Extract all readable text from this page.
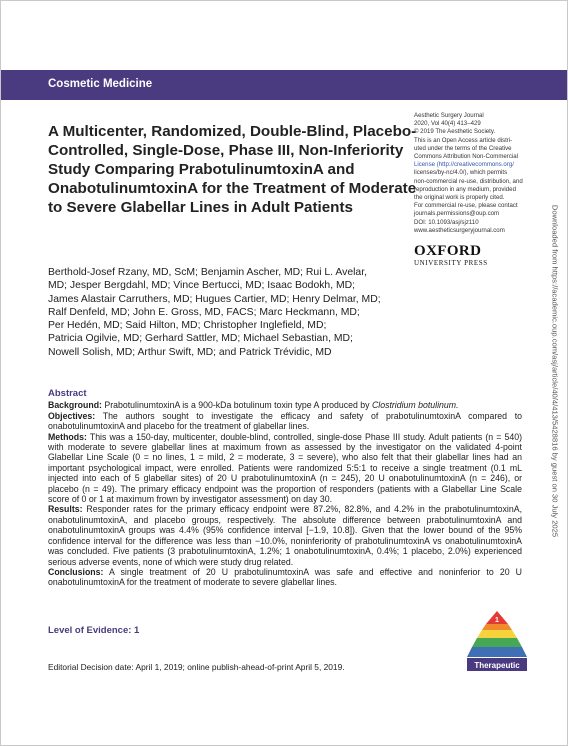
Cosmetic Medicine
A Multicenter, Randomized, Double-Blind, Placebo-Controlled, Single-Dose, Phase III, Non-Inferiority Study Comparing PrabotulinumtoxinA and OnabotulinumtoxinA for the Treatment of Moderate to Severe Glabellar Lines in Adult Patients
Aesthetic Surgery Journal
2020, Vol 40(4) 413–429
© 2019 The Aesthetic Society.
This is an Open Access article distri-
uted under the terms of the Creative
Commons Attribution Non-Commercial
License (http://creativecommons.org/
licenses/by-nc/4.0/), which permits
non-commercial re-use, distribution, and
reproduction in any medium, provided
the original work is properly cited.
For commercial re-use, please contact
journals.permissions@oup.com
DOI: 10.1093/asj/sjz110
www.aestheticsurgeryjournal.com
OXFORD
UNIVERSITY PRESS
Berthold-Josef Rzany, MD, ScM; Benjamin Ascher, MD; Rui L. Avelar,
MD; Jesper Bergdahl, MD; Vince Bertucci, MD; Isaac Bodokh, MD;
James Alastair Carruthers, MD; Hugues Cartier, MD; Henry Delmar, MD;
Ralf Denfeld, MD; John E. Gross, MD, FACS; Marc Heckmann, MD;
Per Hedén, MD; Said Hilton, MD; Christopher Inglefield, MD;
Patricia Ogilvie, MD; Gerhard Sattler, MD; Michael Sebastian, MD;
Nowell Solish, MD; Arthur Swift, MD; and Patrick Trévidic, MD	Downloaded from https://academic.oup.com/asj/article/40/4/413/5428816 by guest on 30 July 2025
Abstract
Background: PrabotulinumtoxinA is a 900-kDa botulinum toxin type A produced by Clostridium botulinum.
Objectives: The authors sought to investigate the efficacy and safety of prabotulinumtoxinA compared to onabotulinumtoxinA and placebo for the treatment of glabellar lines.
Methods: This was a 150-day, multicenter, double-blind, controlled, single-dose Phase III study. Adult patients (n = 540) with moderate to severe glabellar lines at maximum frown as assessed by the investigator on the validated 4-point Glabellar Line Scale (0 = no lines, 1 = mild, 2 = moderate, 3 = severe), who also felt that their glabellar lines had an important psychological impact, were enrolled. Patients were randomized 5:5:1 to receive a single treatment (0.1 mL injected into each of 5 glabellar sites) of 20 U prabotulinumtoxinA (n = 245), 20 U onabotulinumtoxinA (n = 246), or placebo (n = 49). The primary efficacy endpoint was the proportion of responders (patients with a Glabellar Line Scale score of 0 or 1 at maximum frown by investigator assessment) on day 30.
Results: Responder rates for the primary efficacy endpoint were 87.2%, 82.8%, and 4.2% in the prabotulinumtoxinA, onabotulinumtoxinA, and placebo groups, respectively. The absolute difference between prabotulinumtoxinA and onabotulinumtoxinA groups was 4.4% (95% confidence interval [−1.9, 10.8]). Given that the lower bound of the 95% confidence interval for the difference was less than −10.0%, noninferiority of prabotulinumtoxinA vs onabotulinumtoxinA was concluded. Five patients (3 prabotulinumtoxinA, 1.2%; 1 onabotulinumtoxinA, 0.4%; 1 placebo, 2.0%) experienced serious adverse events, none of which were study drug related.
Conclusions: A single treatment of 20 U prabotulinumtoxinA was safe and effective and noninferior to 20 U onabotulinumtoxinA for the treatment of moderate to severe glabellar lines.
Level of Evidence: 1
1
Therapeutic
Editorial Decision date: April 1, 2019; online publish-ahead-of-print April 5, 2019.
